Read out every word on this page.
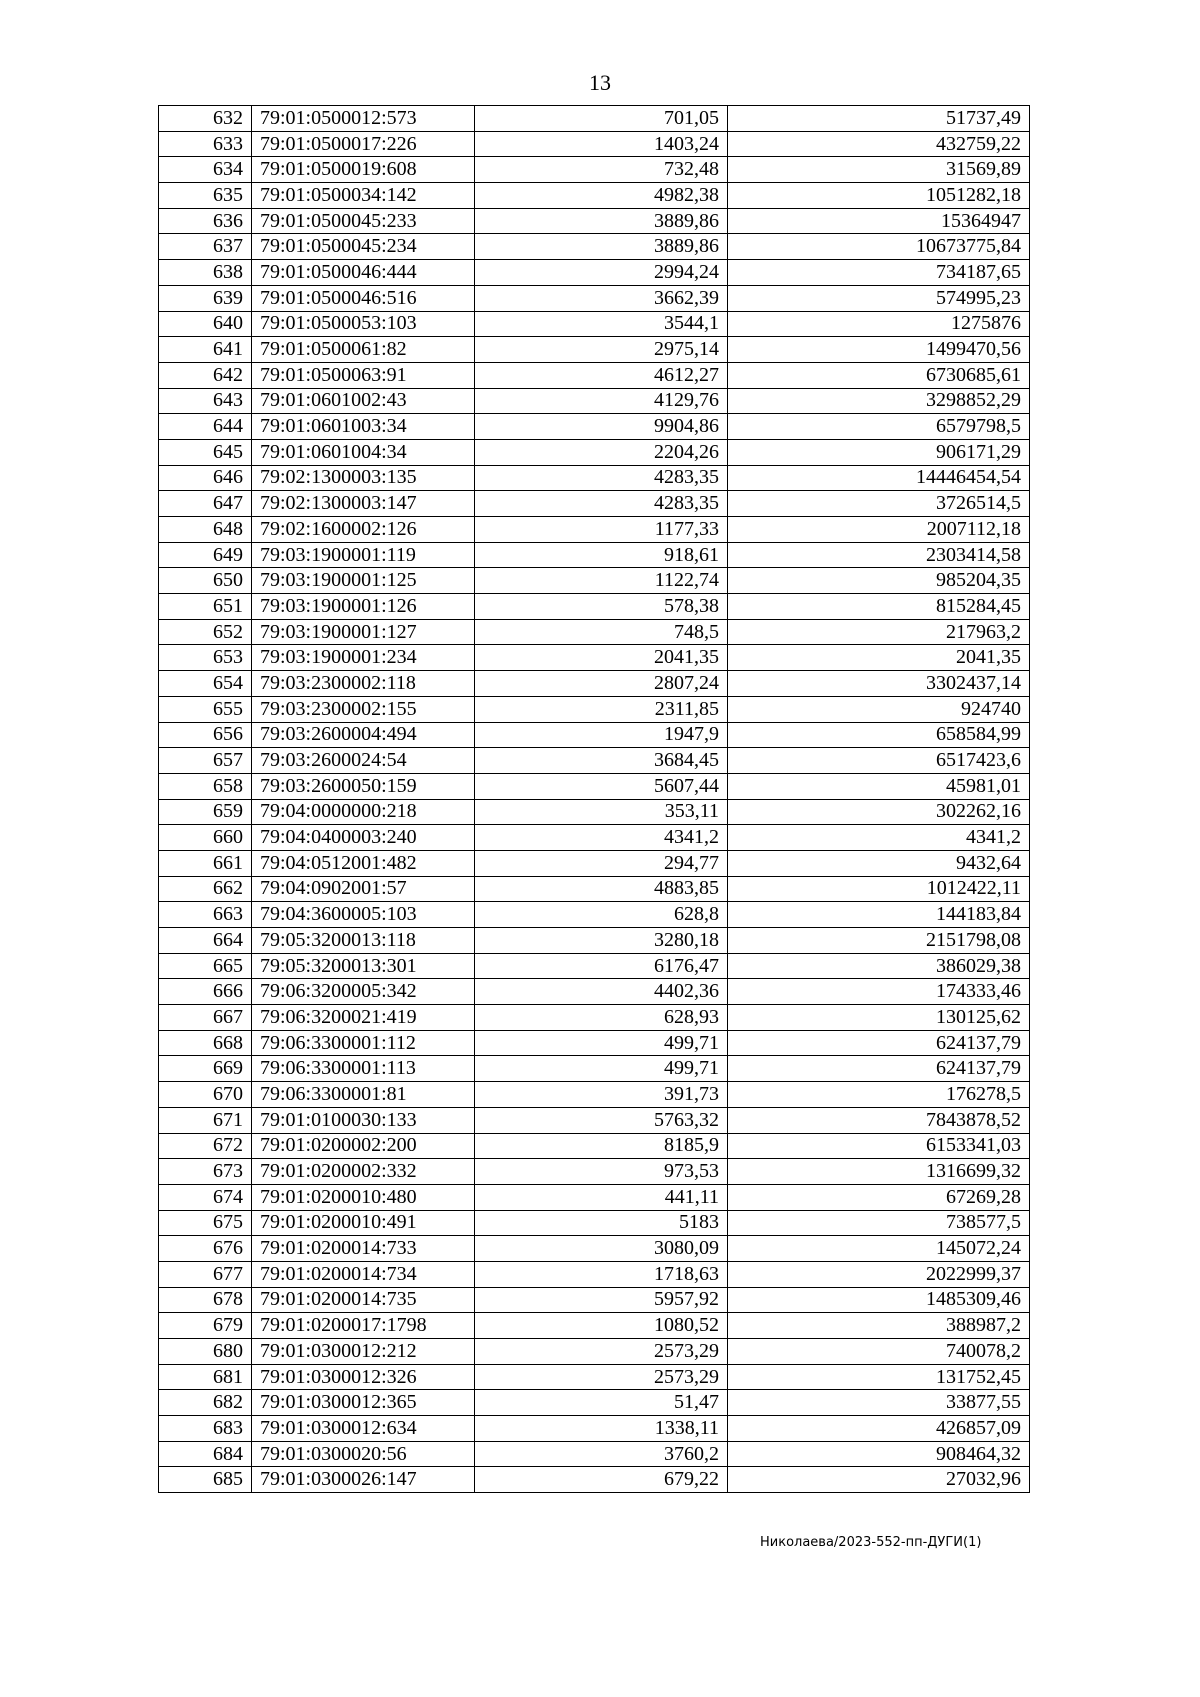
13
632	79:01:0500012:573	701,05	51737,49
633	79:01:0500017:226	1403,24	432759,22
634	79:01:0500019:608	732,48	31569,89
635	79:01:0500034:142	4982,38	1051282,18
636	79:01:0500045:233	3889,86	15364947
637	79:01:0500045:234	3889,86	10673775,84
638	79:01:0500046:444	2994,24	734187,65
639	79:01:0500046:516	3662,39	574995,23
640	79:01:0500053:103	3544,1	1275876
641	79:01:0500061:82	2975,14	1499470,56
642	79:01:0500063:91	4612,27	6730685,61
643	79:01:0601002:43	4129,76	3298852,29
644	79:01:0601003:34	9904,86	6579798,5
645	79:01:0601004:34	2204,26	906171,29
646	79:02:1300003:135	4283,35	14446454,54
647	79:02:1300003:147	4283,35	3726514,5
648	79:02:1600002:126	1177,33	2007112,18
649	79:03:1900001:119	918,61	2303414,58
650	79:03:1900001:125	1122,74	985204,35
651	79:03:1900001:126	578,38	815284,45
652	79:03:1900001:127	748,5	217963,2
653	79:03:1900001:234	2041,35	2041,35
654	79:03:2300002:118	2807,24	3302437,14
655	79:03:2300002:155	2311,85	924740
656	79:03:2600004:494	1947,9	658584,99
657	79:03:2600024:54	3684,45	6517423,6
658	79:03:2600050:159	5607,44	45981,01
659	79:04:0000000:218	353,11	302262,16
660	79:04:0400003:240	4341,2	4341,2
661	79:04:0512001:482	294,77	9432,64
662	79:04:0902001:57	4883,85	1012422,11
663	79:04:3600005:103	628,8	144183,84
664	79:05:3200013:118	3280,18	2151798,08
665	79:05:3200013:301	6176,47	386029,38
666	79:06:3200005:342	4402,36	174333,46
667	79:06:3200021:419	628,93	130125,62
668	79:06:3300001:112	499,71	624137,79
669	79:06:3300001:113	499,71	624137,79
670	79:06:3300001:81	391,73	176278,5
671	79:01:0100030:133	5763,32	7843878,52
672	79:01:0200002:200	8185,9	6153341,03
673	79:01:0200002:332	973,53	1316699,32
674	79:01:0200010:480	441,11	67269,28
675	79:01:0200010:491	5183	738577,5
676	79:01:0200014:733	3080,09	145072,24
677	79:01:0200014:734	1718,63	2022999,37
678	79:01:0200014:735	5957,92	1485309,46
679	79:01:0200017:1798	1080,52	388987,2
680	79:01:0300012:212	2573,29	740078,2
681	79:01:0300012:326	2573,29	131752,45
682	79:01:0300012:365	51,47	33877,55
683	79:01:0300012:634	1338,11	426857,09
684	79:01:0300020:56	3760,2	908464,32
685	79:01:0300026:147	679,22	27032,96
Николаева/2023-552-пп-ДУГИ(1)
